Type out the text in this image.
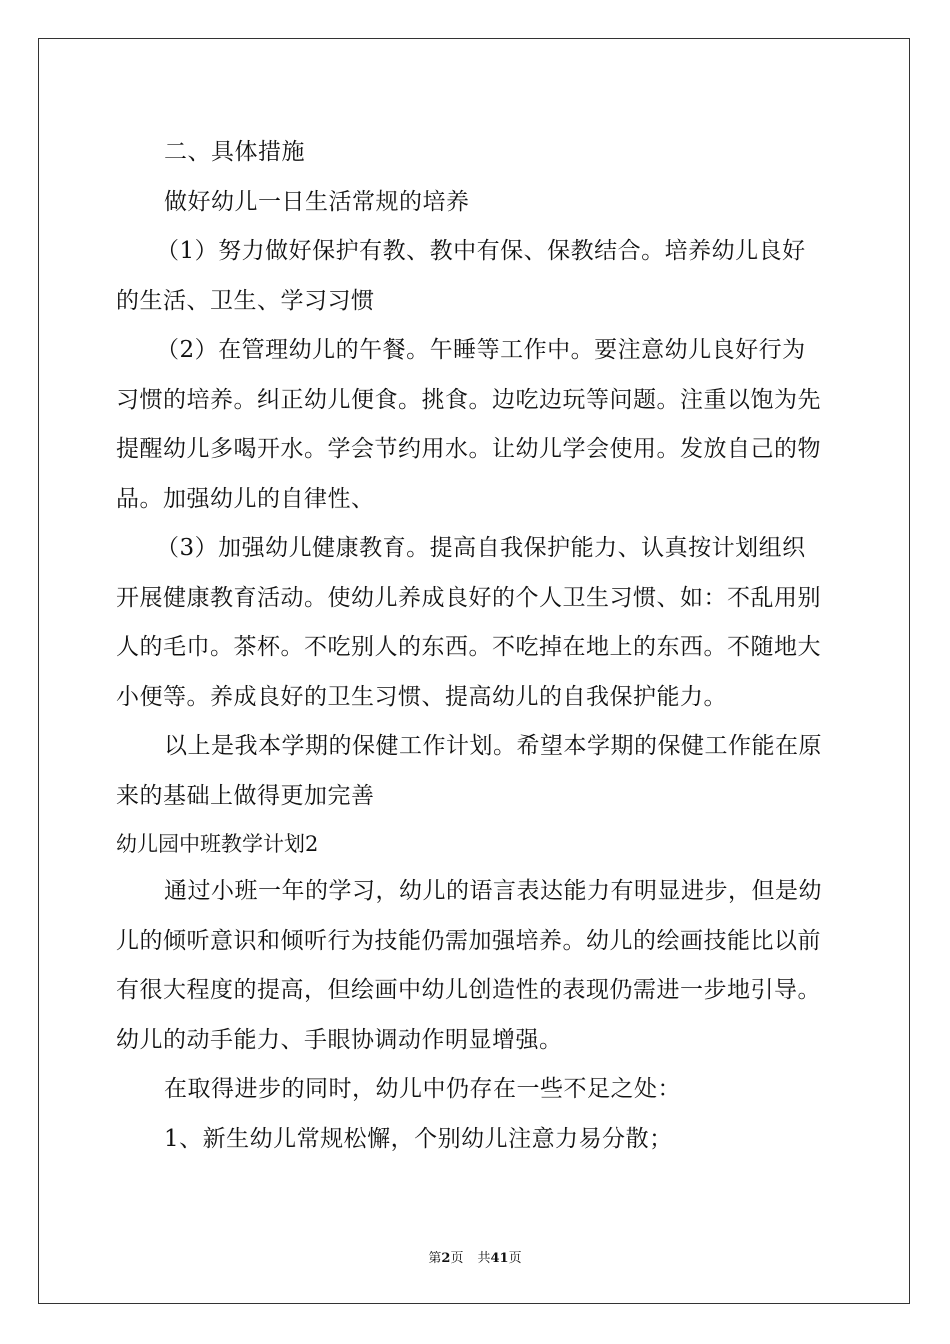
二、具体措施
做好幼儿一日生活常规的培养
（1）努力做好保护有教、教中有保、保教结合。培养幼儿良好
的生活、卫生、学习习惯
（2）在管理幼儿的午餐。午睡等工作中。要注意幼儿良好行为
习惯的培养。纠正幼儿便食。挑食。边吃边玩等问题。注重以饱为先
提醒幼儿多喝开水。学会节约用水。让幼儿学会使用。发放自己的物
品。加强幼儿的自律性、
（3）加强幼儿健康教育。提高自我保护能力、认真按计划组织
开展健康教育活动。使幼儿养成良好的个人卫生习惯、如：不乱用别
人的毛巾。茶杯。不吃别人的东西。不吃掉在地上的东西。不随地大
小便等。养成良好的卫生习惯、提高幼儿的自我保护能力。
以上是我本学期的保健工作计划。希望本学期的保健工作能在原
来的基础上做得更加完善
幼儿园中班教学计划2
通过小班一年的学习，幼儿的语言表达能力有明显进步，但是幼
儿的倾听意识和倾听行为技能仍需加强培养。幼儿的绘画技能比以前
有很大程度的提高，但绘画中幼儿创造性的表现仍需进一步地引导。
幼儿的动手能力、手眼协调动作明显增强。
在取得进步的同时，幼儿中仍存在一些不足之处：
1、新生幼儿常规松懈，个别幼儿注意力易分散；
第2页 共41页
